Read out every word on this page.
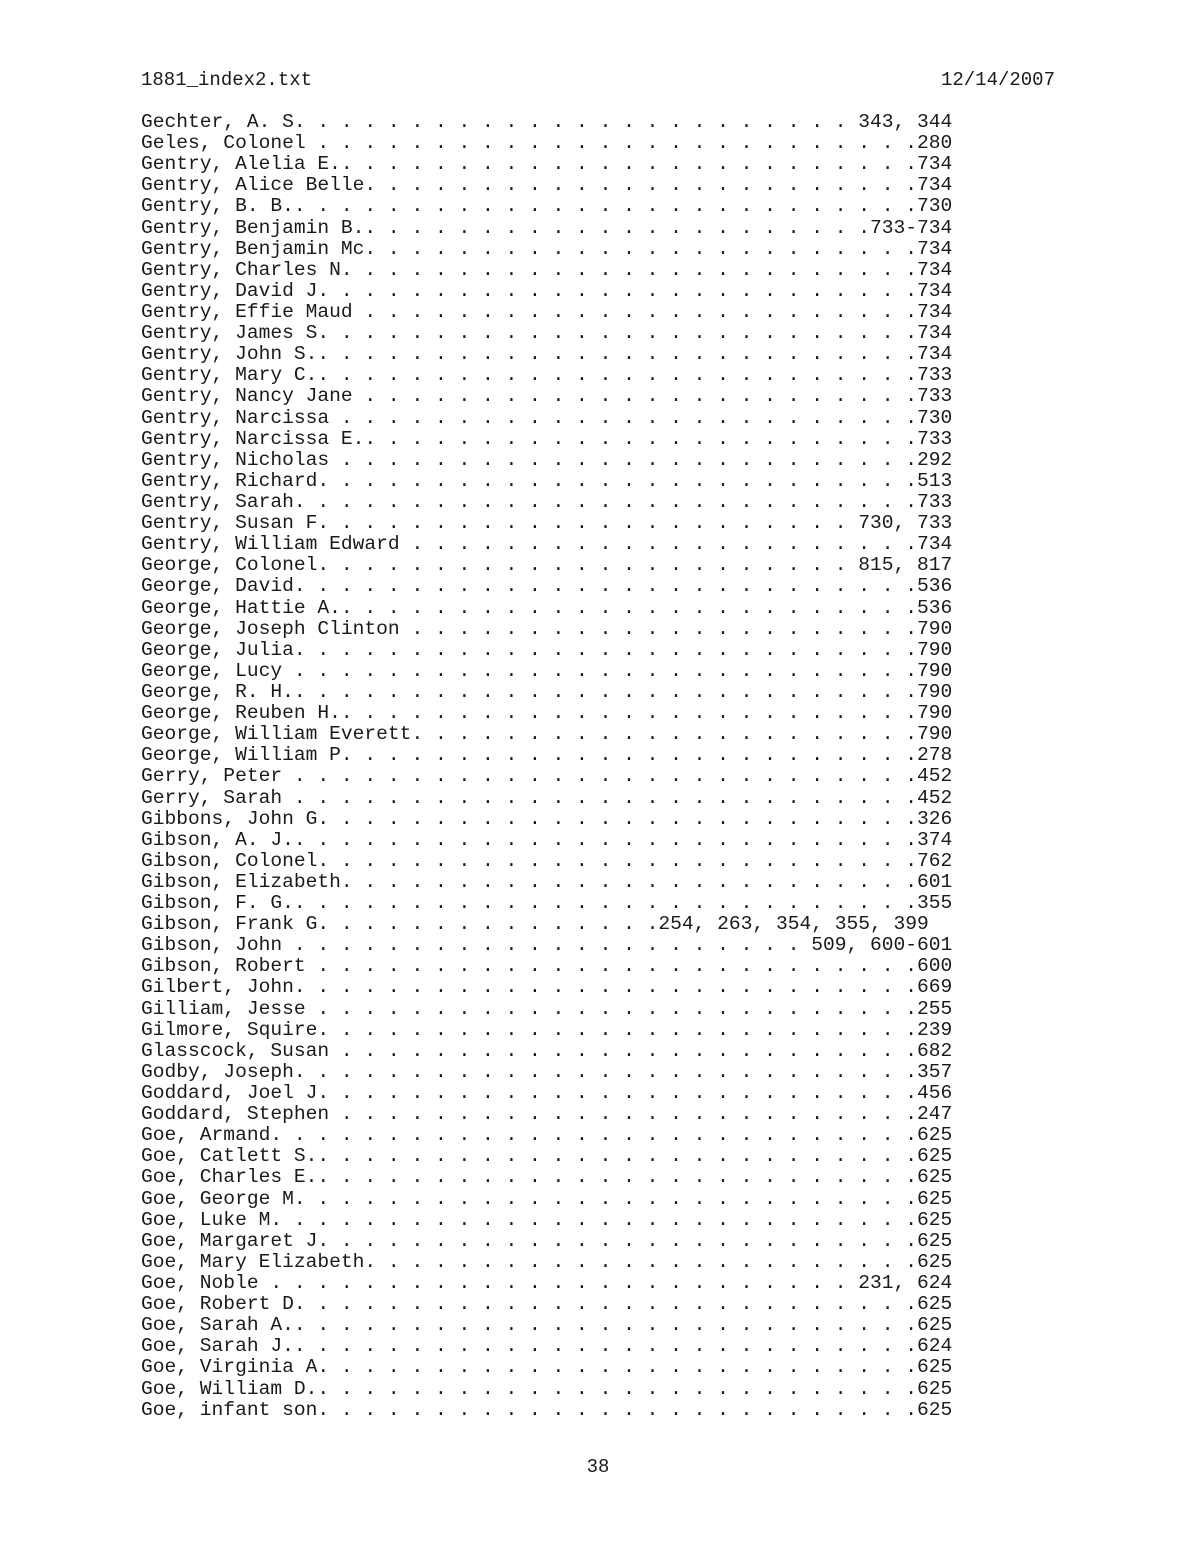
1881_index2.txt	12/14/2007
Gechter, A. S. . . . . . . . . . . . . . . . . . . . . . . . 343, 344
Geles, Colonel . . . . . . . . . . . . . . . . . . . . . . . . . .280
Gentry, Alelia E.. . . . . . . . . . . . . . . . . . . . . . . . .734
Gentry, Alice Belle. . . . . . . . . . . . . . . . . . . . . . . .734
Gentry, B. B.. . . . . . . . . . . . . . . . . . . . . . . . . . .730
Gentry, Benjamin B.. . . . . . . . . . . . . . . . . . . . . .733-734
Gentry, Benjamin Mc. . . . . . . . . . . . . . . . . . . . . . . .734
Gentry, Charles N. . . . . . . . . . . . . . . . . . . . . . . . .734
Gentry, David J. . . . . . . . . . . . . . . . . . . . . . . . . .734
Gentry, Effie Maud . . . . . . . . . . . . . . . . . . . . . . . .734
Gentry, James S. . . . . . . . . . . . . . . . . . . . . . . . . .734
Gentry, John S.. . . . . . . . . . . . . . . . . . . . . . . . . .734
Gentry, Mary C.. . . . . . . . . . . . . . . . . . . . . . . . . .733
Gentry, Nancy Jane . . . . . . . . . . . . . . . . . . . . . . . .733
Gentry, Narcissa . . . . . . . . . . . . . . . . . . . . . . . . .730
Gentry, Narcissa E.. . . . . . . . . . . . . . . . . . . . . . . .733
Gentry, Nicholas . . . . . . . . . . . . . . . . . . . . . . . . .292
Gentry, Richard. . . . . . . . . . . . . . . . . . . . . . . . . .513
Gentry, Sarah. . . . . . . . . . . . . . . . . . . . . . . . . . .733
Gentry, Susan F. . . . . . . . . . . . . . . . . . . . . . . 730, 733
Gentry, William Edward . . . . . . . . . . . . . . . . . . . . . .734
George, Colonel. . . . . . . . . . . . . . . . . . . . . . . 815, 817
George, David. . . . . . . . . . . . . . . . . . . . . . . . . . .536
George, Hattie A.. . . . . . . . . . . . . . . . . . . . . . . . .536
George, Joseph Clinton . . . . . . . . . . . . . . . . . . . . . .790
George, Julia. . . . . . . . . . . . . . . . . . . . . . . . . . .790
George, Lucy . . . . . . . . . . . . . . . . . . . . . . . . . . .790
George, R. H.. . . . . . . . . . . . . . . . . . . . . . . . . . .790
George, Reuben H.. . . . . . . . . . . . . . . . . . . . . . . . .790
George, William Everett. . . . . . . . . . . . . . . . . . . . . .790
George, William P. . . . . . . . . . . . . . . . . . . . . . . . .278
Gerry, Peter . . . . . . . . . . . . . . . . . . . . . . . . . . .452
Gerry, Sarah . . . . . . . . . . . . . . . . . . . . . . . . . . .452
Gibbons, John G. . . . . . . . . . . . . . . . . . . . . . . . . .326
Gibson, A. J.. . . . . . . . . . . . . . . . . . . . . . . . . . .374
Gibson, Colonel. . . . . . . . . . . . . . . . . . . . . . . . . .762
Gibson, Elizabeth. . . . . . . . . . . . . . . . . . . . . . . . .601
Gibson, F. G.. . . . . . . . . . . . . . . . . . . . . . . . . . .355
Gibson, Frank G. . . . . . . . . . . . . . .254, 263, 354, 355, 399
Gibson, John . . . . . . . . . . . . . . . . . . . . . . 509, 600-601
Gibson, Robert . . . . . . . . . . . . . . . . . . . . . . . . . .600
Gilbert, John. . . . . . . . . . . . . . . . . . . . . . . . . . .669
Gilliam, Jesse . . . . . . . . . . . . . . . . . . . . . . . . . .255
Gilmore, Squire. . . . . . . . . . . . . . . . . . . . . . . . . .239
Glasscock, Susan . . . . . . . . . . . . . . . . . . . . . . . . .682
Godby, Joseph. . . . . . . . . . . . . . . . . . . . . . . . . . .357
Goddard, Joel J. . . . . . . . . . . . . . . . . . . . . . . . . .456
Goddard, Stephen . . . . . . . . . . . . . . . . . . . . . . . . .247
Goe, Armand. . . . . . . . . . . . . . . . . . . . . . . . . . . .625
Goe, Catlett S.. . . . . . . . . . . . . . . . . . . . . . . . . .625
Goe, Charles E.. . . . . . . . . . . . . . . . . . . . . . . . . .625
Goe, George M. . . . . . . . . . . . . . . . . . . . . . . . . . .625
Goe, Luke M. . . . . . . . . . . . . . . . . . . . . . . . . . . .625
Goe, Margaret J. . . . . . . . . . . . . . . . . . . . . . . . . .625
Goe, Mary Elizabeth. . . . . . . . . . . . . . . . . . . . . . . .625
Goe, Noble . . . . . . . . . . . . . . . . . . . . . . . . . 231, 624
Goe, Robert D. . . . . . . . . . . . . . . . . . . . . . . . . . .625
Goe, Sarah A.. . . . . . . . . . . . . . . . . . . . . . . . . . .625
Goe, Sarah J.. . . . . . . . . . . . . . . . . . . . . . . . . . .624
Goe, Virginia A. . . . . . . . . . . . . . . . . . . . . . . . . .625
Goe, William D.. . . . . . . . . . . . . . . . . . . . . . . . . .625
Goe, infant son. . . . . . . . . . . . . . . . . . . . . . . . . .625
38
